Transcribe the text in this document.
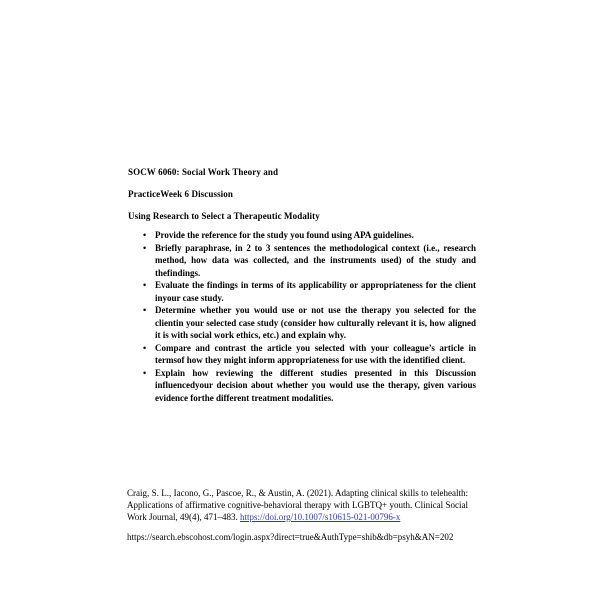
SOCW 6060: Social Work Theory and

PracticeWeek 6 Discussion

Using Research to Select a Therapeutic Modality

• Provide the reference for the study you found using APA guidelines.
• Briefly paraphrase, in 2 to 3 sentences the methodological context (i.e., research method, how data was collected, and the instruments used) of the study and thefindings.
• Evaluate the findings in terms of its applicability or appropriateness for the client inyour case study.
• Determine whether you would use or not use the therapy you selected for the clientin your selected case study (consider how culturally relevant it is, how aligned it is with social work ethics, etc.) and explain why.
• Compare and contrast the article you selected with your colleague’s article in termsof how they might inform appropriateness for use with the identified client.
• Explain how reviewing the different studies presented in this Discussion influencedyour decision about whether you would use the therapy, given various evidence forthe different treatment modalities.

Craig, S. L., Iacono, G., Pascoe, R., & Austin, A. (2021). Adapting clinical skills to telehealth: Applications of affirmative cognitive-behavioral therapy with LGBTQ+ youth. Clinical Social Work Journal, 49(4), 471–483. https://doi.org/10.1007/s10615-021-00796-x

https://search.ebscohost.com/login.aspx?direct=true&AuthType=shib&db=psyh&AN=202
